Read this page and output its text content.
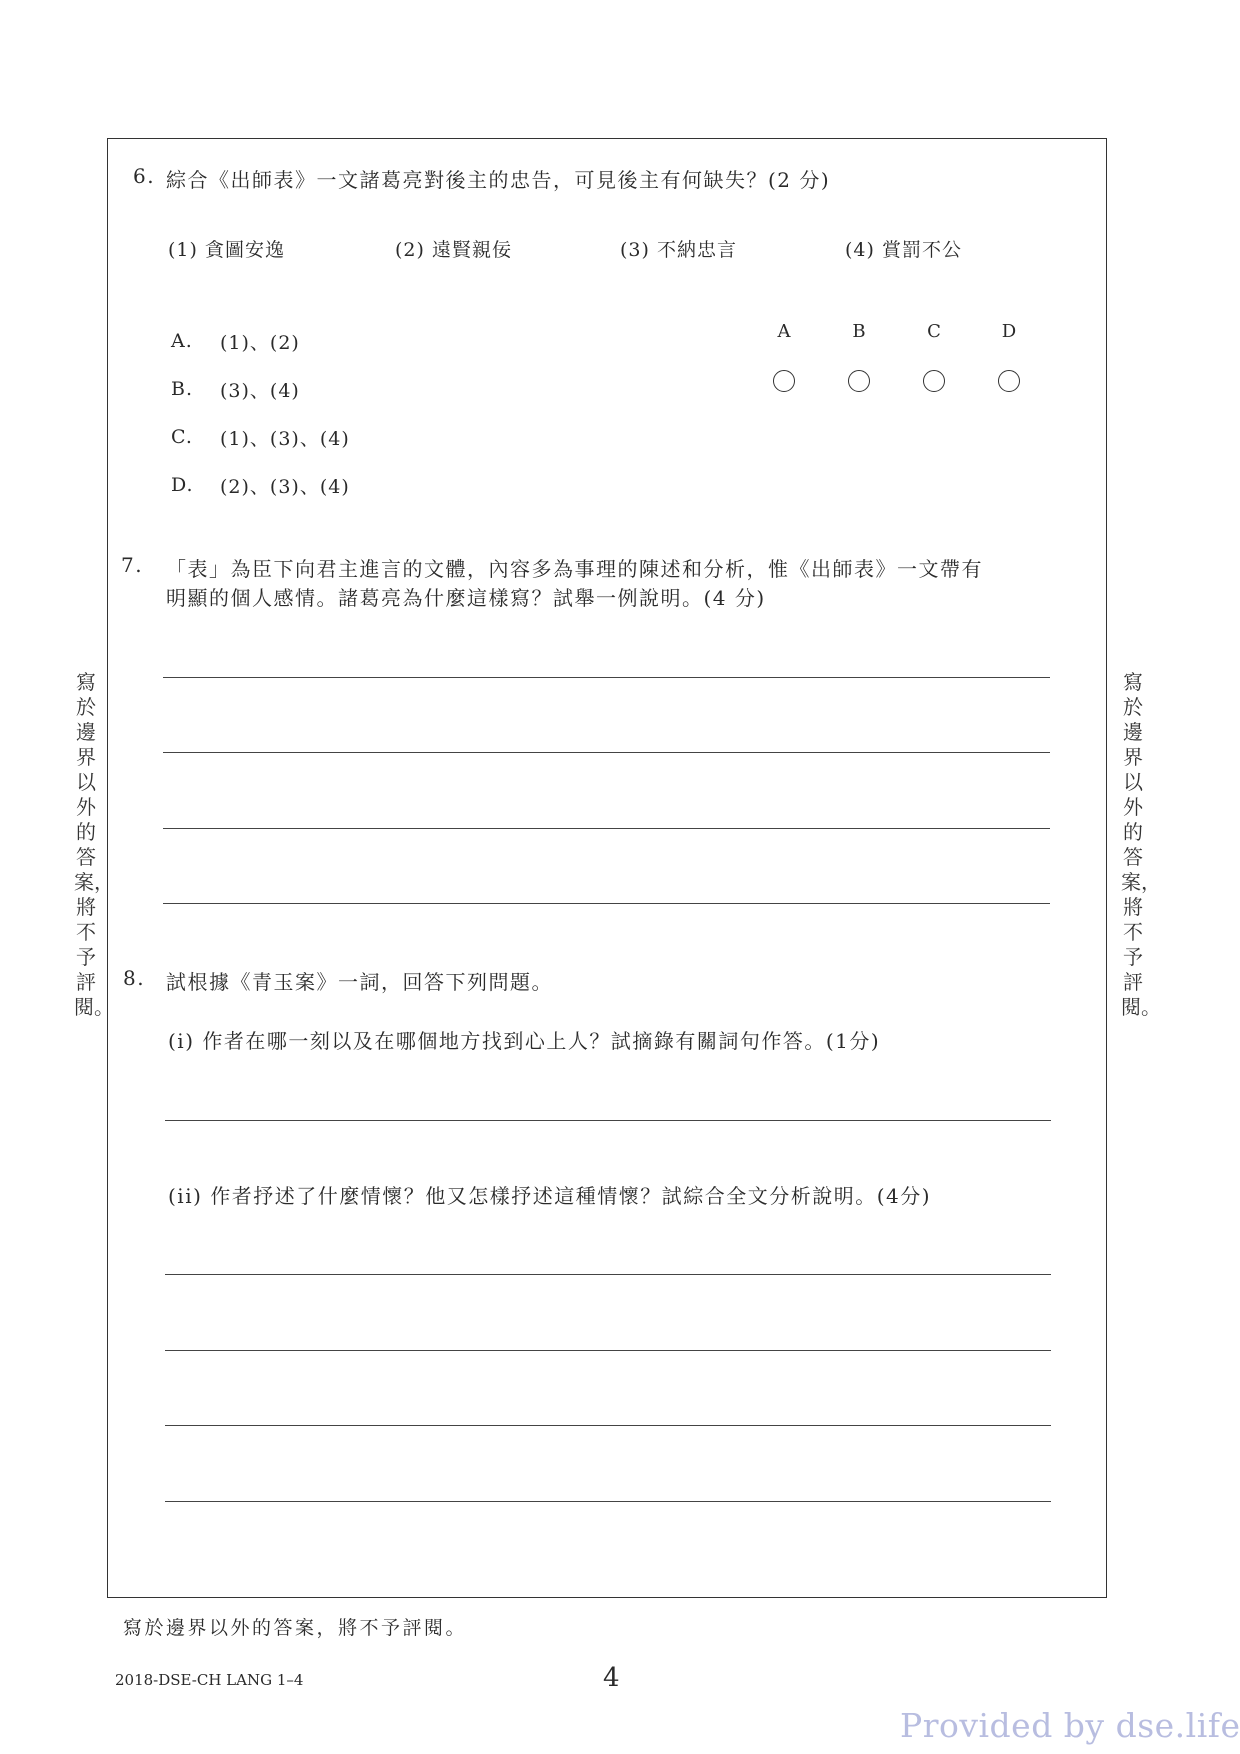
6. 綜合《出師表》一文諸葛亮對後主的忠告，可見後主有何缺失？(2 分)
(1) 貪圖安逸	(2) 遠賢親佞	(3) 不納忠言	(4) 賞罰不公
A. (1)、(2)
B. (3)、(4)
C. (1)、(3)、(4)
D. (2)、(3)、(4)
A	B	C	D
7. 「表」為臣下向君主進言的文體，內容多為事理的陳述和分析，惟《出師表》一文帶有
明顯的個人感情。諸葛亮為什麼這樣寫？試舉一例說明。(4 分)
8. 試根據《青玉案》一詞，回答下列問題。
(i) 作者在哪一刻以及在哪個地方找到心上人？試摘錄有關詞句作答。(1分)
(ii) 作者抒述了什麼情懷？他又怎樣抒述這種情懷？試綜合全文分析說明。(4分)
寫於邊界以外的答案，將不予評閱。
寫於邊界以外的答案，將不予評閱。
寫於邊界以外的答案，將不予評閱。
2018-DSE-CH LANG 1–4	4
Provided by dse.life
